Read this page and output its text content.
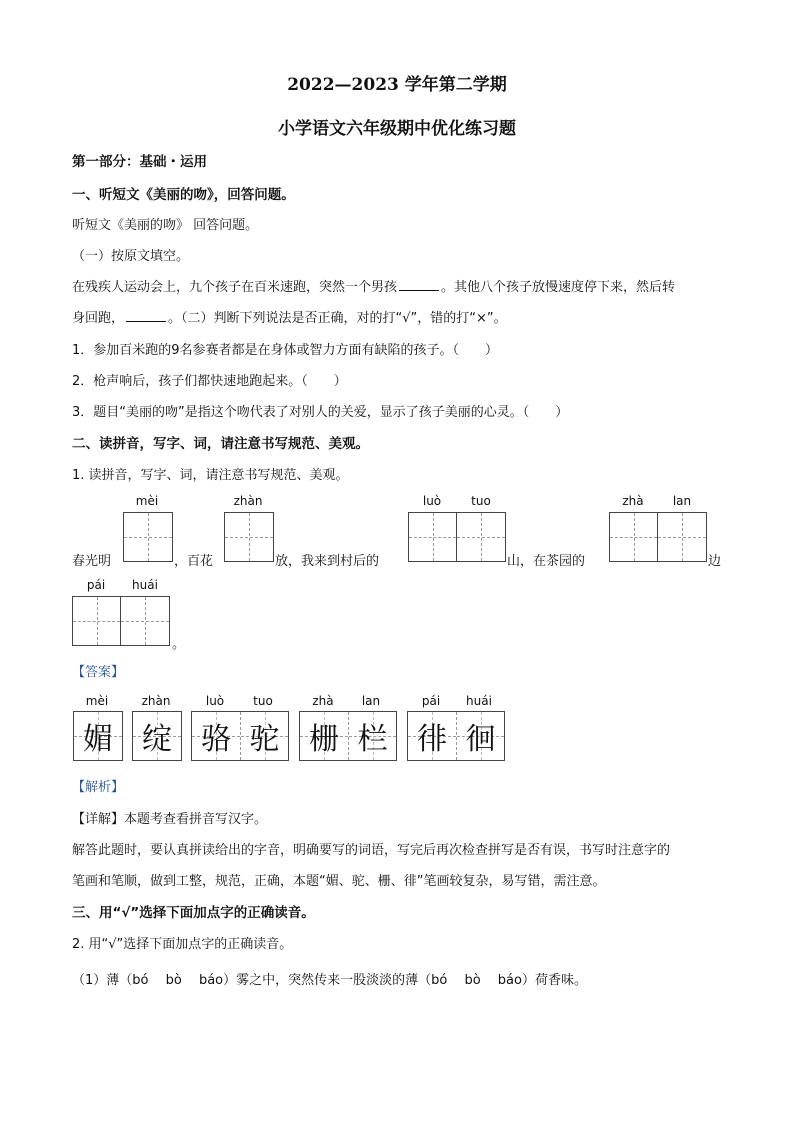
2022—2023 学年第二学期
小学语文六年级期中优化练习题
第一部分：基础・运用
一、听短文《美丽的吻》，回答问题。
听短文《美丽的吻》 回答问题。
（一）按原文填空。
在残疾人运动会上，九个孩子在百米速跑，突然一个男孩	。其他八个孩子放慢速度停下来，然后转
身回跑，	。（二）判断下列说法是否正确，对的打“√”，错的打“×”。
1．参加百米跑的9名参赛者都是在身体或智力方面有缺陷的孩子。（　　）
2．枪声响后，孩子们都快速地跑起来。（　　）
3．题目“美丽的吻”是指这个吻代表了对别人的关爱，显示了孩子美丽的心灵。（　　）
二、读拼音，写字、词，请注意书写规范、美观。
1. 读拼音，写字、词，请注意书写规范、美观。
mèi	zhàn	luò	tuo	zhà	lan
春光明	，百花	放，我来到村后的	山，在茶园的	边
pái	huái
。
【答案】
mèi	zhàn	luò	tuo	zhà	lan	pái	huái
媚 绽 骆 驼 栅 栏 徘 徊
【解析】
【详解】本题考查看拼音写汉字。
解答此题时，要认真拼读给出的字音，明确要写的词语，写完后再次检查拼写是否有误，书写时注意字的
笔画和笔顺，做到工整，规范，正确，本题“媚、驼、栅、徘”笔画较复杂，易写错，需注意。
三、用“√”选择下面加点字的正确读音。
2. 用“√”选择下面加点字的正确读音。
（1）薄（bó　 bò　 báo）雾之中，突然传来一股淡淡的薄（bó　 bò　 báo）荷香味。
